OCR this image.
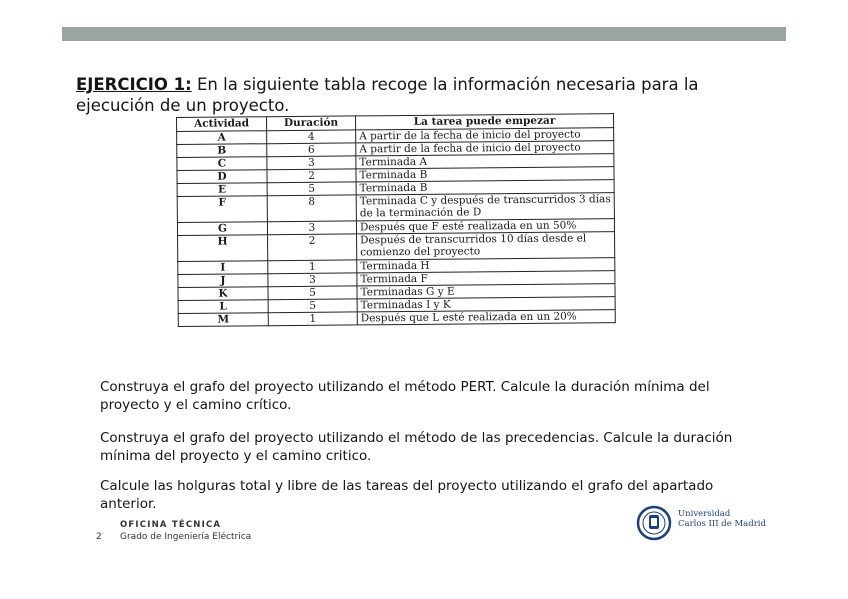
EJERCICIO 1: En la siguiente tabla recoge la información necesaria para la ejecución de un proyecto.
Actividad	Duración	La tarea puede empezar
A	4	A partir de la fecha de inicio del proyecto
B	6	A partir de la fecha de inicio del proyecto
C	3	Terminada A
D	2	Terminada B
E	5	Terminada B
F	8	Terminada C y después de transcurridos 3 días de la terminación de D
G	3	Después que F esté realizada en un 50%
H	2	Después de transcurridos 10 días desde el comienzo del proyecto
I	1	Terminada H
J	3	Terminada F
K	5	Terminadas G y E
L	5	Terminadas I y K
M	1	Después que L esté realizada en un 20%
Construya el grafo del proyecto utilizando el método PERT. Calcule la duración mínima del proyecto y el camino crítico.
Construya el grafo del proyecto utilizando el método de las precedencias. Calcule la duración mínima del proyecto y el camino critico.
Calcule las holguras total y libre de las tareas del proyecto utilizando el grafo del apartado anterior.
2
OFICINA TÉCNICA
Grado de Ingeniería Eléctrica
Universidad
Carlos III de Madrid
